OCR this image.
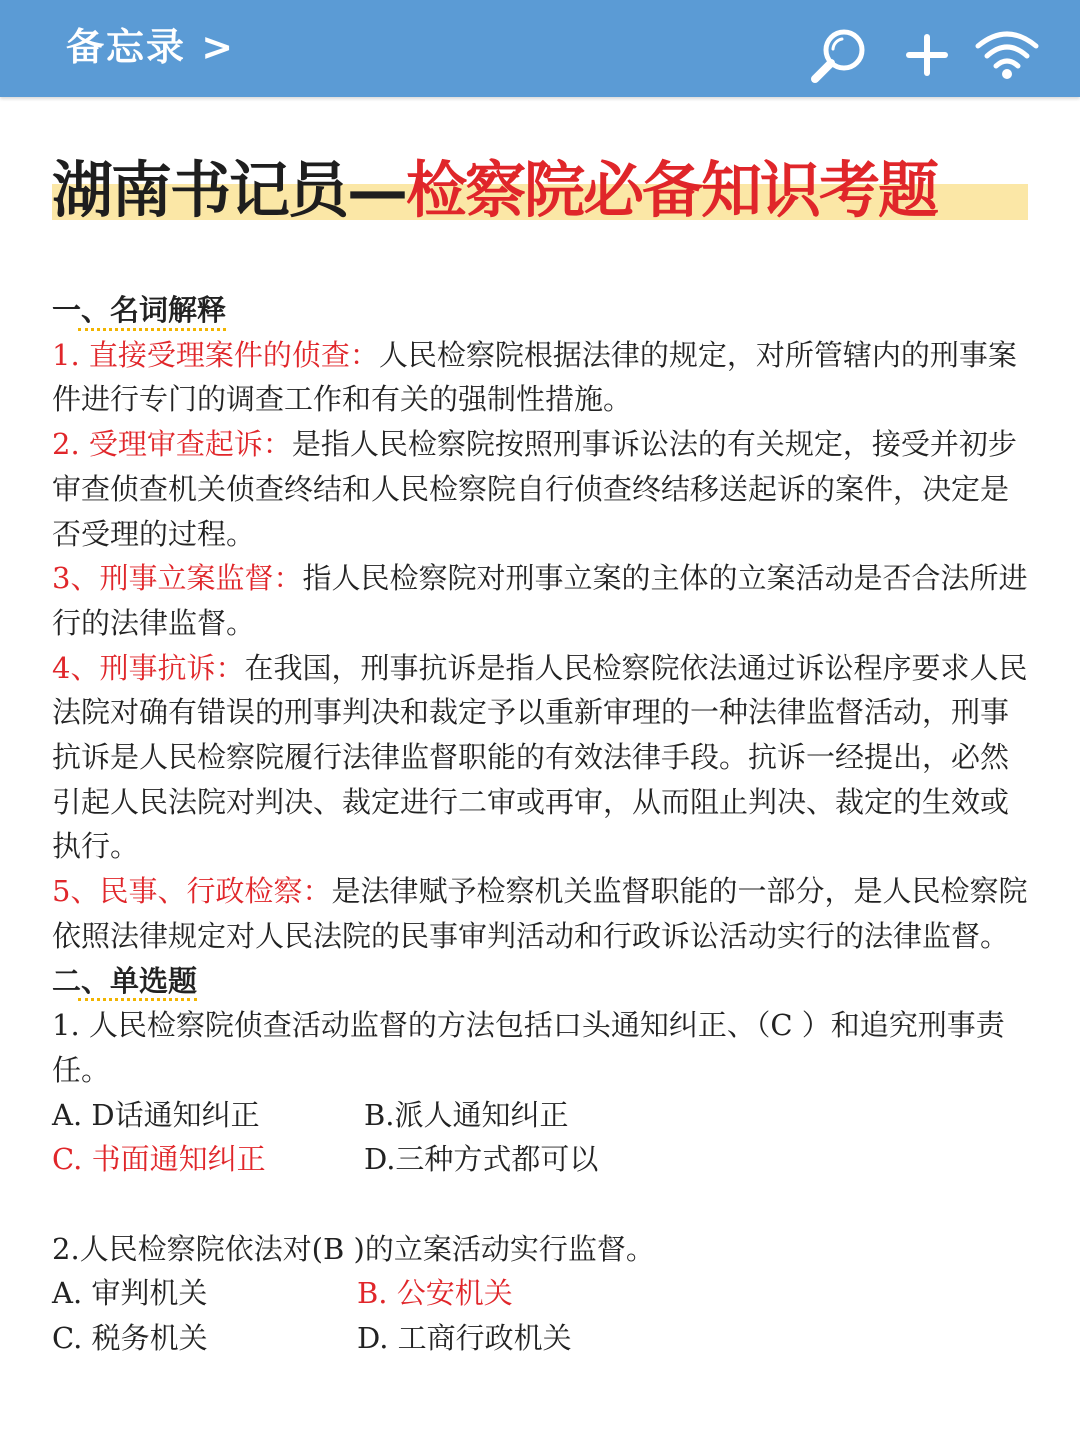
备忘录 >
湖南书记员—检察院必备知识考题
一、名词解释

1. 直接受理案件的侦查：人民检察院根据法律的规定，对所管辖内的刑事案件进行专门的调查工作和有关的强制性措施。

2. 受理审查起诉：是指人民检察院按照刑事诉讼法的有关规定，接受并初步审查侦查机关侦查终结和人民检察院自行侦查终结移送起诉的案件，决定是否受理的过程。

3、刑事立案监督：指人民检察院对刑事立案的主体的立案活动是否合法所进行的法律监督。

4、刑事抗诉：在我国，刑事抗诉是指人民检察院依法通过诉讼程序要求人民法院对确有错误的刑事判决和裁定予以重新审理的一种法律监督活动，刑事抗诉是人民检察院履行法律监督职能的有效法律手段。抗诉一经提出，必然引起人民法院对判决、裁定进行二审或再审，从而阻止判决、裁定的生效或执行。

5、民事、行政检察：是法律赋予检察机关监督职能的一部分，是人民检察院依照法律规定对人民法院的民事审判活动和行政诉讼活动实行的法律监督。

二、单选题

1. 人民检察院侦查活动监督的方法包括口头通知纠正、（C ）和追究刑事责任。

A. D话通知纠正	B.派人通知纠正
C. 书面通知纠正	D.三种方式都可以

2.人民检察院依法对(B )的立案活动实行监督。

A. 审判机关	B. 公安机关
C. 税务机关	D. 工商行政机关
